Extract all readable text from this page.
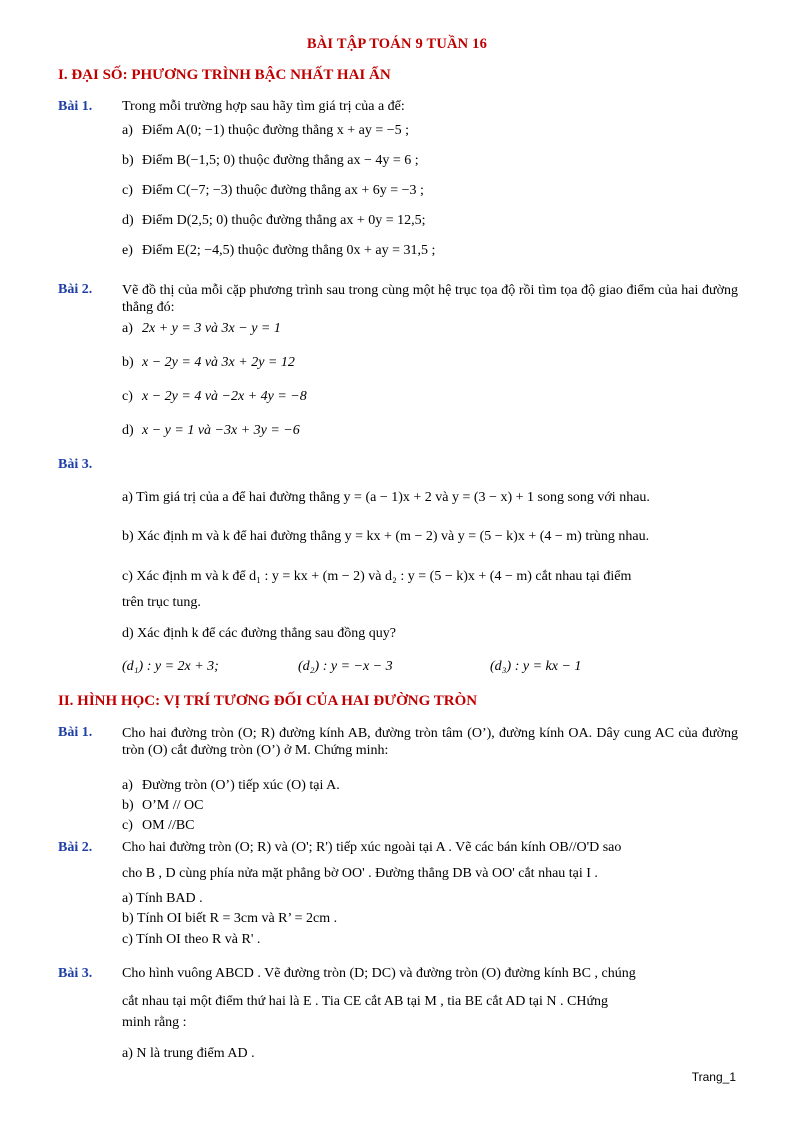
BÀI TẬP TOÁN 9 TUẦN 16
I. ĐẠI SỐ: PHƯƠNG TRÌNH BẬC NHẤT HAI ẨN
Bài 1. Trong mỗi trường hợp sau hãy tìm giá trị của a để:
a) Điểm A(0; −1) thuộc đường thẳng x + ay = −5 ;
b) Điểm B(−1,5; 0) thuộc đường thẳng ax − 4y = 6 ;
c) Điểm C(−7; −3) thuộc đường thẳng ax + 6y = −3 ;
d) Điểm D(2,5; 0) thuộc đường thẳng ax + 0y = 12,5;
e) Điểm E(2; −4,5) thuộc đường thẳng 0x + ay = 31,5 ;
Bài 2. Vẽ đồ thị của mỗi cặp phương trình sau trong cùng một hệ trục tọa độ rồi tìm tọa độ giao điểm của hai đường thẳng đó:
a) 2x + y = 3 và 3x − y = 1
b) x − 2y = 4 và 3x + 2y = 12
c) x − 2y = 4 và −2x + 4y = −8
d) x − y = 1 và −3x + 3y = −6
Bài 3.
a) Tìm giá trị của a để hai đường thẳng y = (a − 1)x + 2 và y = (3 − x) + 1 song song với nhau.
b) Xác định m và k để hai đường thẳng y = kx + (m − 2) và y = (5 − k)x + (4 − m) trùng nhau.
c) Xác định m và k để d₁ : y = kx + (m − 2) và d₂ : y = (5 − k)x + (4 − m) cắt nhau tại điểm
trên trục tung.
d) Xác định k để các đường thẳng sau đồng quy?
(d₁) : y = 2x + 3;	(d₂) : y = −x − 3	(d₃) : y = kx − 1
II. HÌNH HỌC: VỊ TRÍ TƯƠNG ĐỐI CỦA HAI ĐƯỜNG TRÒN
Bài 1. Cho hai đường tròn (O; R) đường kính AB, đường tròn tâm (O’), đường kính OA. Dây cung AC của đường tròn (O) cắt đường tròn (O’) ở M. Chứng minh:
a) Đường tròn (O’) tiếp xúc (O) tại A.
b) O’M // OC
c) OM //BC
Bài 2. Cho hai đường tròn (O; R) và (O'; R') tiếp xúc ngoài tại A . Vẽ các bán kính OB//O'D sao
cho B , D cùng phía nửa mặt phẳng bờ OO' . Đường thẳng DB và OO' cắt nhau tại I .
a) Tính BAD .
b) Tính OI biết R = 3cm và R’ = 2cm .
c) Tính OI theo R và R' .
Bài 3. Cho hình vuông ABCD . Vẽ đường tròn (D; DC) và đường tròn (O) đường kính BC , chúng
cắt nhau tại một điểm thứ hai là E . Tia CE cắt AB tại M , tia BE cắt AD tại N . CHứng
minh rằng :
a) N là trung điểm AD .
Trang_1
